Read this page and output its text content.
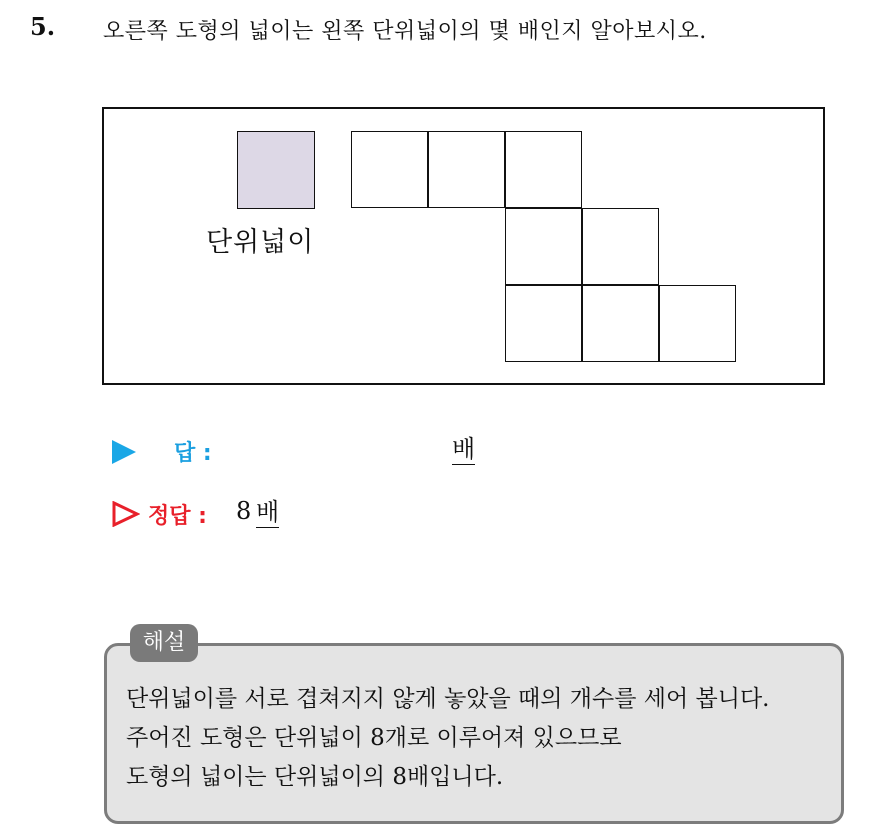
5. 오른쪽 도형의 넓이는 왼쪽 단위넓이의 몇 배인지 알아보시오.
단위넓이
답 :	배
정답 : 8 배
해설
단위넓이를 서로 겹쳐지지 않게 놓았을 때의 개수를 세어 봅니다.
주어진 도형은 단위넓이 8개로 이루어져 있으므로
도형의 넓이는 단위넓이의 8배입니다.
